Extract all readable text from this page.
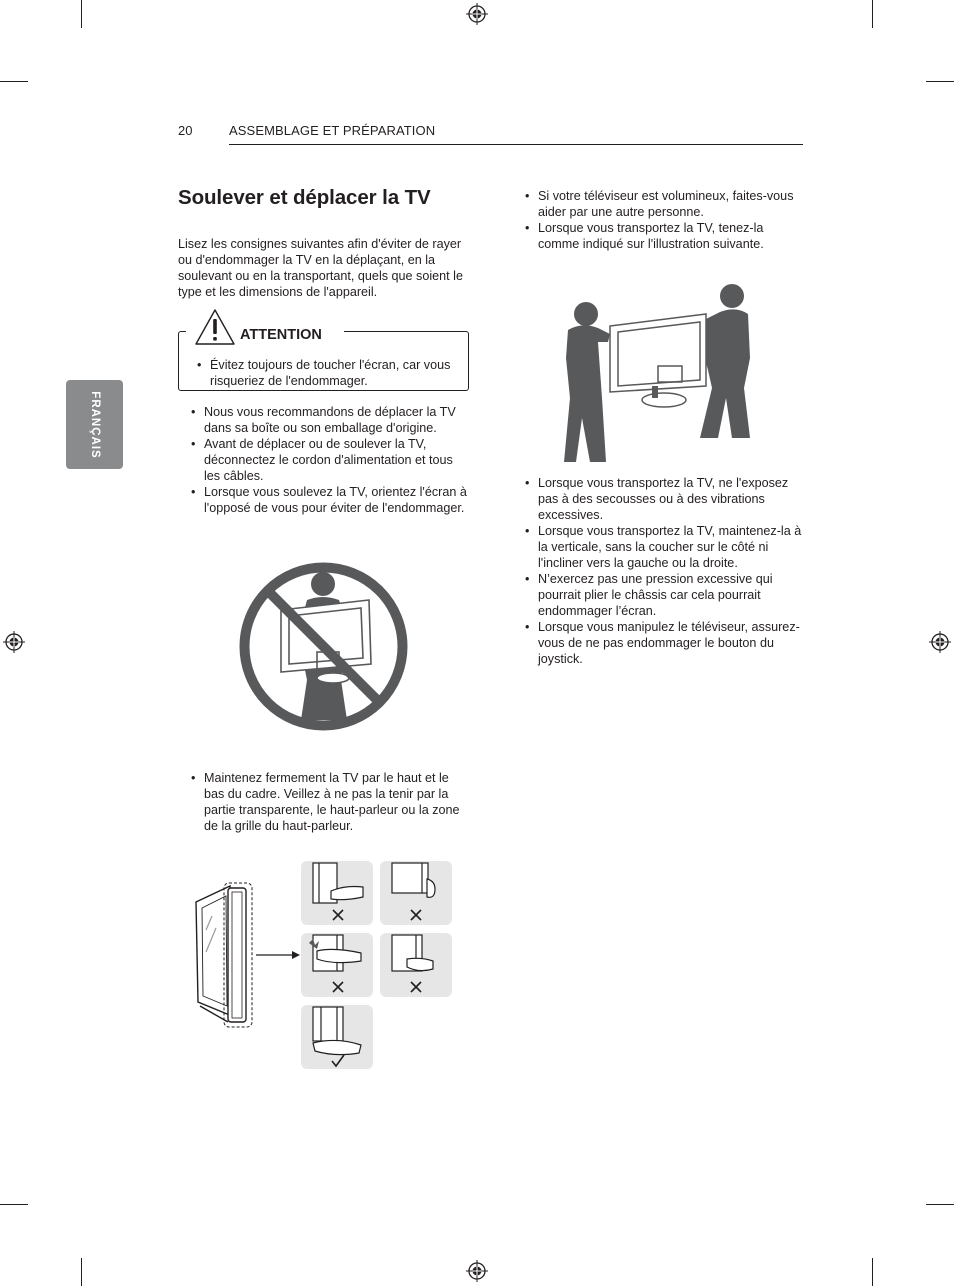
20	ASSEMBLAGE ET PRÉPARATION
FRANÇAIS
Soulever et déplacer la TV
Lisez les consignes suivantes afin d'éviter de rayer ou d'endommager la TV en la déplaçant, en la soulevant ou en la transportant, quels que soient le type et les dimensions de l'appareil.
ATTENTION
• Évitez toujours de toucher l'écran, car vous risqueriez de l'endommager.
• Nous vous recommandons de déplacer la TV dans sa boîte ou son emballage d'origine.
• Avant de déplacer ou de soulever la TV, déconnectez le cordon d'alimentation et tous les câbles.
• Lorsque vous soulevez la TV, orientez l'écran à l'opposé de vous pour éviter de l'endommager.
• Maintenez fermement la TV par le haut et le bas du cadre. Veillez à ne pas la tenir par la partie transparente, le haut-parleur ou la zone de la grille du haut-parleur.
• Si votre téléviseur est volumineux, faites-vous aider par une autre personne.
• Lorsque vous transportez la TV, tenez-la comme indiqué sur l'illustration suivante.
• Lorsque vous transportez la TV, ne l'exposez pas à des secousses ou à des vibrations excessives.
• Lorsque vous transportez la TV, maintenez-la à la verticale, sans la coucher sur le côté ni l'incliner vers la gauche ou la droite.
• N’exercez pas une pression excessive qui pourrait plier le châssis car cela pourrait endommager l’écran.
• Lorsque vous manipulez le téléviseur, assurez-vous de ne pas endommager le bouton du joystick.
